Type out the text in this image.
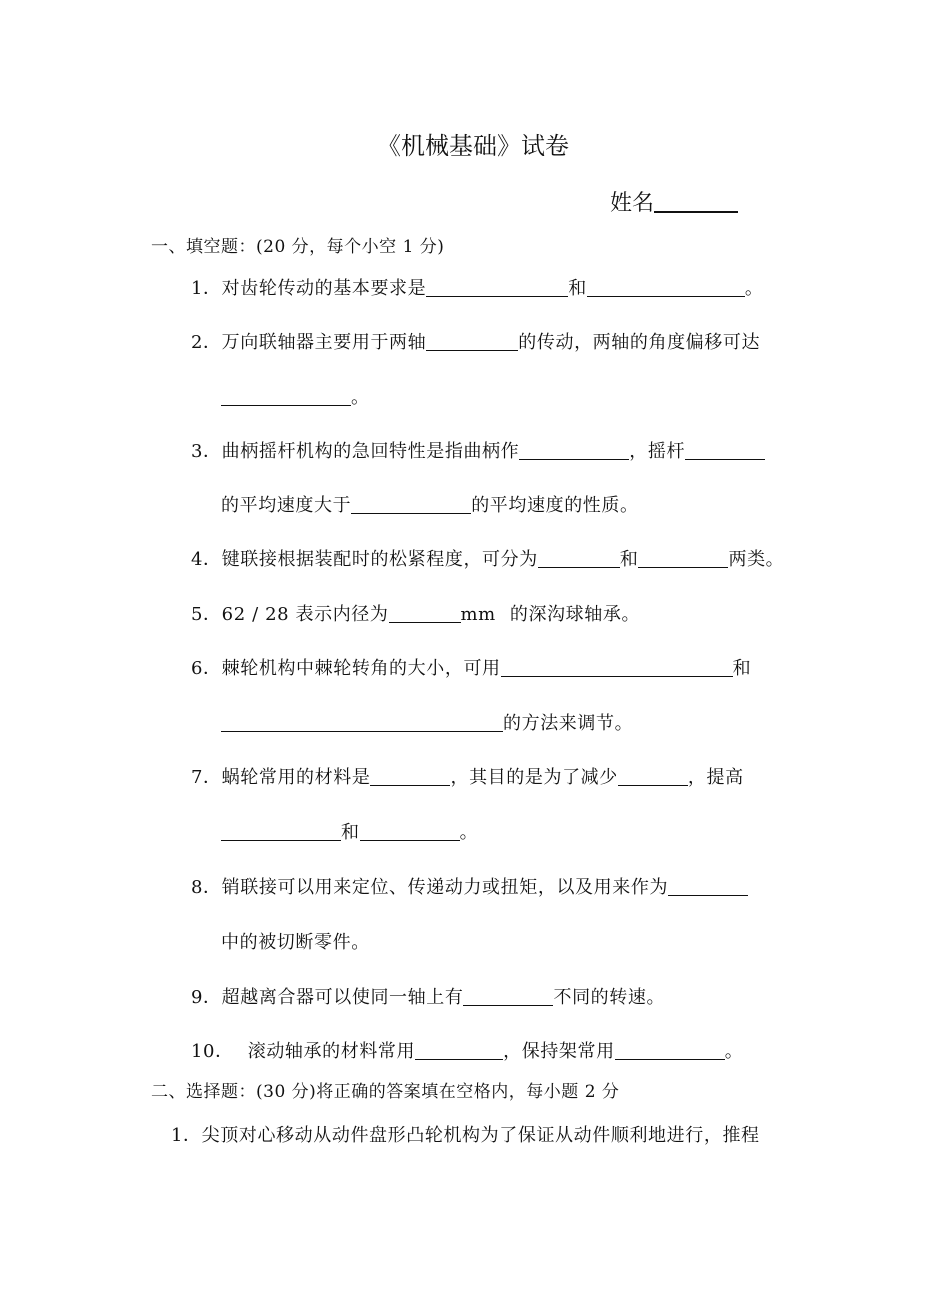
《机械基础》试卷
姓名
一、填空题：(20 分，每个小空 1 分)
1．对齿轮传动的基本要求是	和	。
2．万向联轴器主要用于两轴	的传动，两轴的角度偏移可达
。
3．曲柄摇杆机构的急回特性是指曲柄作	，摇杆
的平均速度大于	的平均速度的性质。
4．键联接根据装配时的松紧程度，可分为	和	两类。
5．62 / 28 表示内径为	mm 的深沟球轴承。
6．棘轮机构中棘轮转角的大小，可用	和
的方法来调节。
7．蜗轮常用的材料是	，其目的是为了减少	，提高
和	。
8．销联接可以用来定位、传递动力或扭矩，以及用来作为
中的被切断零件。
9．超越离合器可以使同一轴上有	不同的转速。
10． 滚动轴承的材料常用	，保持架常用	。
二、选择题：(30 分)将正确的答案填在空格内，每小题 2 分
1．尖顶对心移动从动件盘形凸轮机构为了保证从动件顺利地进行，推程
